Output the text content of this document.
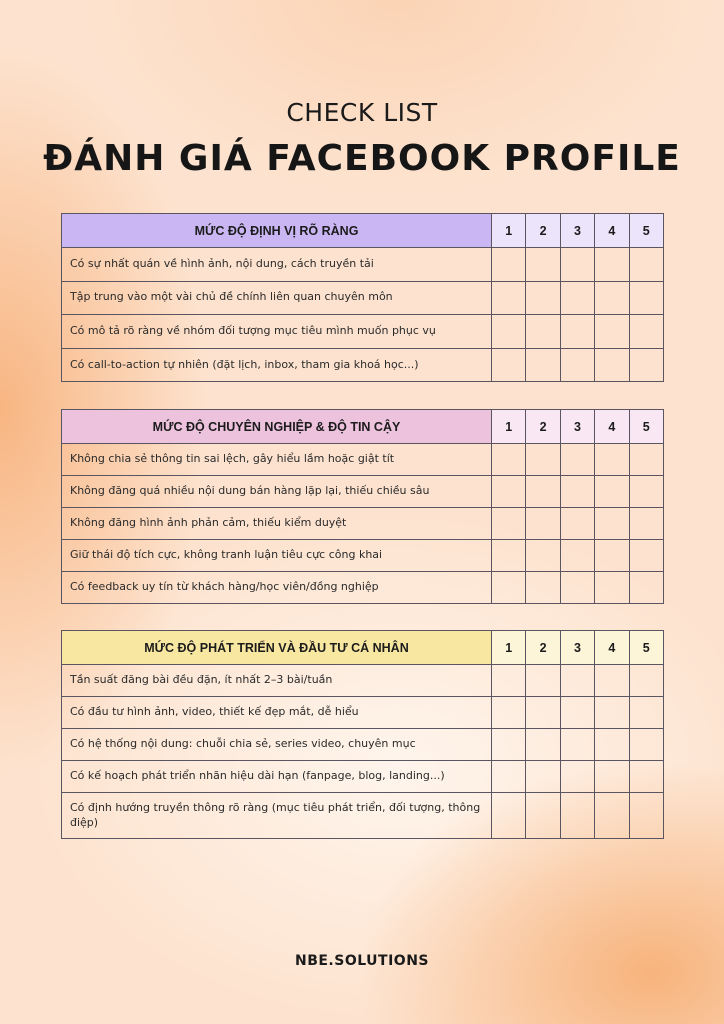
CHECK LIST
ĐÁNH GIÁ FACEBOOK PROFILE
MỨC ĐỘ ĐỊNH VỊ RÕ RÀNG	1	2	3	4	5
Có sự nhất quán về hình ảnh, nội dung, cách truyền tải					
Tập trung vào một vài chủ đề chính liên quan chuyên môn					
Có mô tả rõ ràng về nhóm đối tượng mục tiêu mình muốn phục vụ					
Có call-to-action tự nhiên (đặt lịch, inbox, tham gia khoá học...)					
MỨC ĐỘ CHUYÊN NGHIỆP & ĐỘ TIN CẬY	1	2	3	4	5
Không chia sẻ thông tin sai lệch, gây hiểu lầm hoặc giật tít					
Không đăng quá nhiều nội dung bán hàng lặp lại, thiếu chiều sâu					
Không đăng hình ảnh phản cảm, thiếu kiểm duyệt					
Giữ thái độ tích cực, không tranh luận tiêu cực công khai					
Có feedback uy tín từ khách hàng/học viên/đồng nghiệp					
MỨC ĐỘ PHÁT TRIỂN VÀ ĐẦU TƯ CÁ NHÂN	1	2	3	4	5
Tần suất đăng bài đều đặn, ít nhất 2–3 bài/tuần					
Có đầu tư hình ảnh, video, thiết kế đẹp mắt, dễ hiểu					
Có hệ thống nội dung: chuỗi chia sẻ, series video, chuyên mục					
Có kế hoạch phát triển nhãn hiệu dài hạn (fanpage, blog, landing...)					
Có định hướng truyền thông rõ ràng (mục tiêu phát triển, đối tượng, thông điệp)					
NBE.SOLUTIONS
